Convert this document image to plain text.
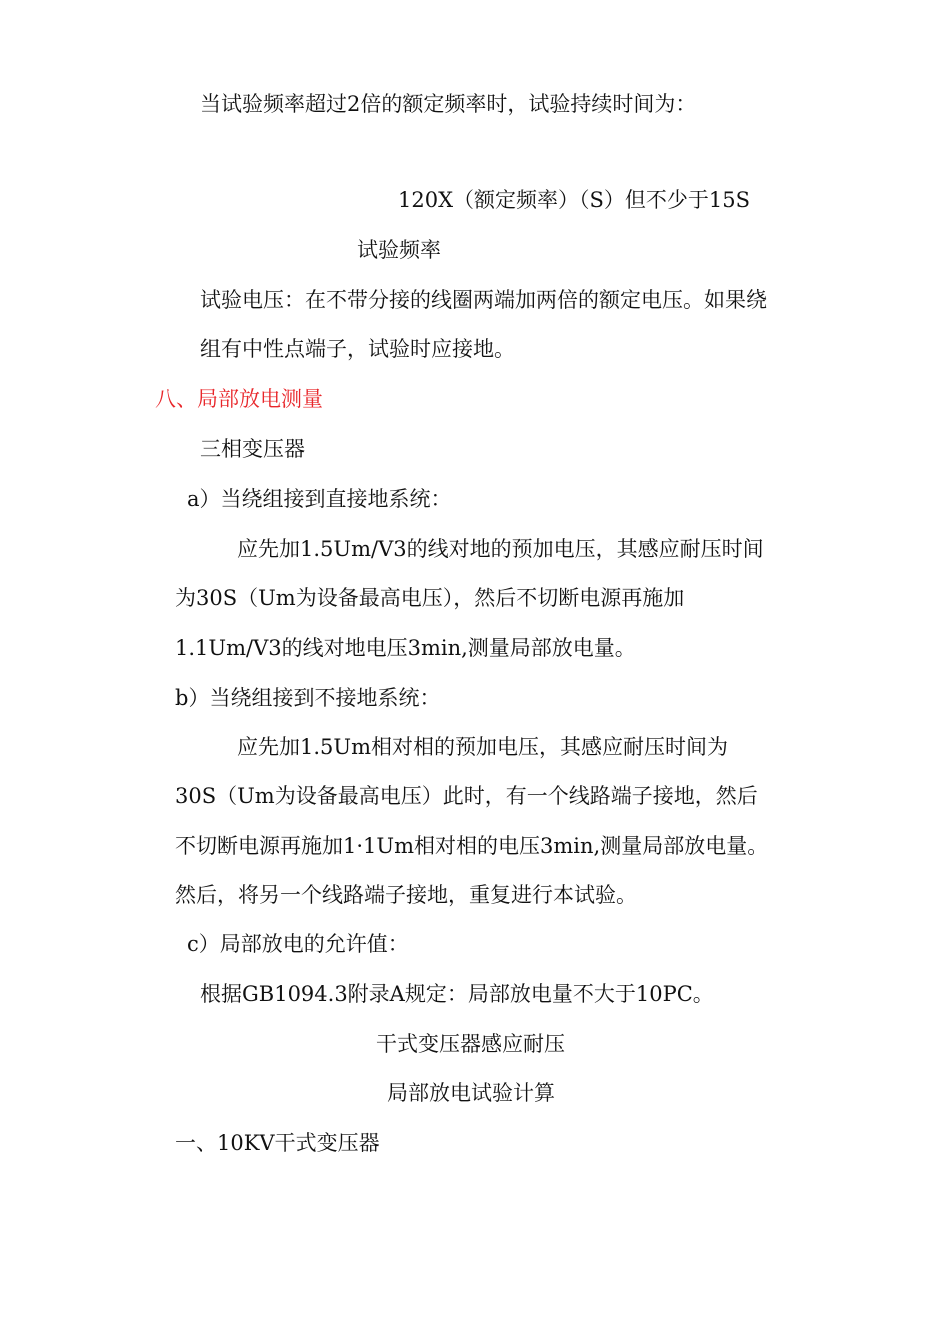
当试验频率超过2倍的额定频率时，试验持续时间为：
120X（额定频率）（S）但不少于15S
试验频率
试验电压：在不带分接的线圈两端加两倍的额定电压。如果绕
组有中性点端子，试验时应接地。
八、局部放电测量
三相变压器
a）当绕组接到直接地系统：
应先加1.5Um/V3的线对地的预加电压，其感应耐压时间
为30S（Um为设备最高电压），然后不切断电源再施加
1.1Um/V3的线对地电压3min,测量局部放电量。
b）当绕组接到不接地系统：
应先加1.5Um相对相的预加电压，其感应耐压时间为
30S（Um为设备最高电压）此时，有一个线路端子接地，然后
不切断电源再施加1·1Um相对相的电压3min,测量局部放电量。
然后，将另一个线路端子接地，重复进行本试验。
c）局部放电的允许值：
根据GB1094.3附录A规定：局部放电量不大于10PC。
干式变压器感应耐压
局部放电试验计算
一、10KV干式变压器
